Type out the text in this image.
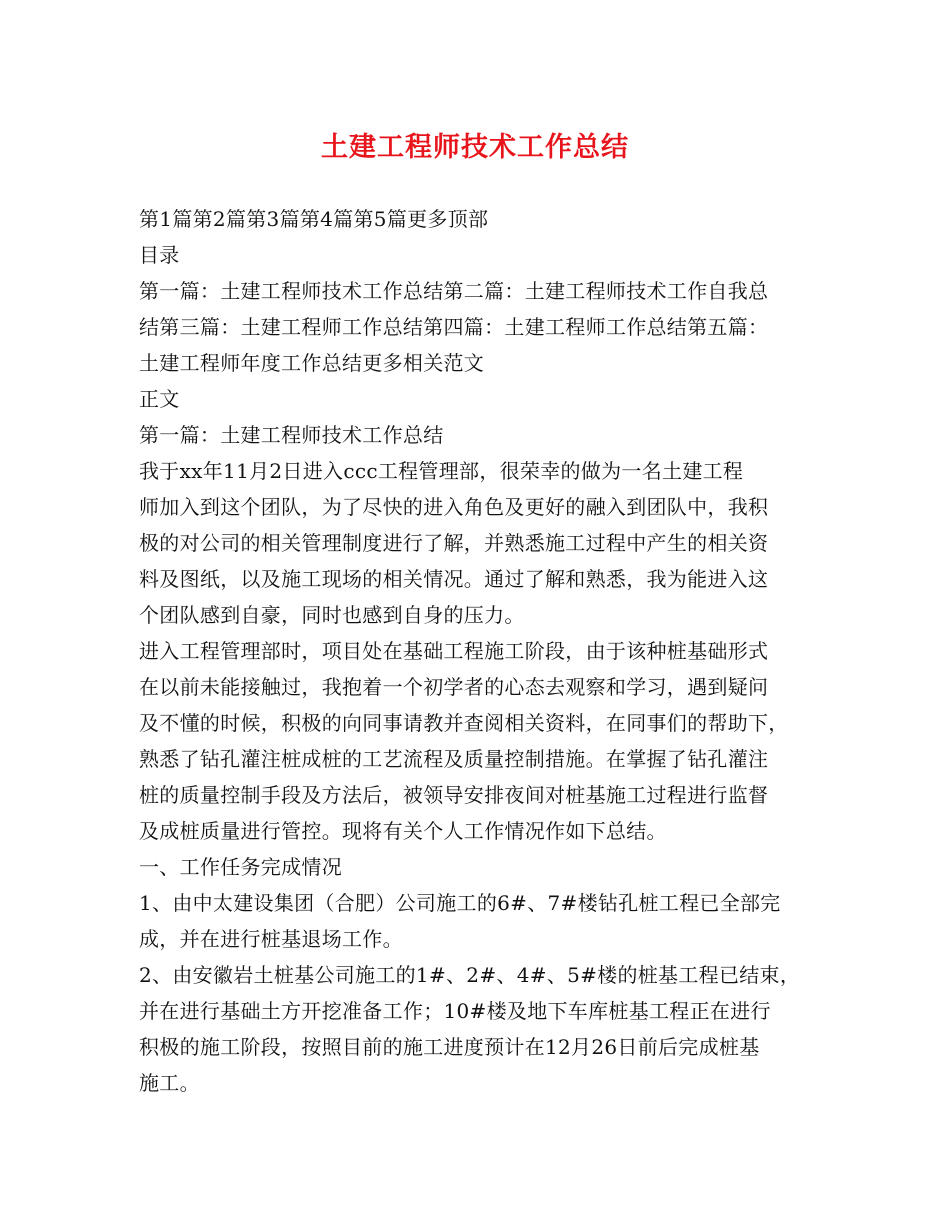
土建工程师技术工作总结
第1篇第2篇第3篇第4篇第5篇更多顶部
目录
第一篇：土建工程师技术工作总结第二篇：土建工程师技术工作自我总
结第三篇：土建工程师工作总结第四篇：土建工程师工作总结第五篇：
土建工程师年度工作总结更多相关范文
正文
第一篇：土建工程师技术工作总结
我于xx年11月2日进入ccc工程管理部，很荣幸的做为一名土建工程
师加入到这个团队，为了尽快的进入角色及更好的融入到团队中，我积
极的对公司的相关管理制度进行了解，并熟悉施工过程中产生的相关资
料及图纸，以及施工现场的相关情况。通过了解和熟悉，我为能进入这
个团队感到自豪，同时也感到自身的压力。
进入工程管理部时，项目处在基础工程施工阶段，由于该种桩基础形式
在以前未能接触过，我抱着一个初学者的心态去观察和学习，遇到疑问
及不懂的时候，积极的向同事请教并查阅相关资料，在同事们的帮助下，
熟悉了钻孔灌注桩成桩的工艺流程及质量控制措施。在掌握了钻孔灌注
桩的质量控制手段及方法后，被领导安排夜间对桩基施工过程进行监督
及成桩质量进行管控。现将有关个人工作情况作如下总结。
一、工作任务完成情况
1、由中太建设集团（合肥）公司施工的6#、7#楼钻孔桩工程已全部完
成，并在进行桩基退场工作。
2、由安徽岩土桩基公司施工的1#、2#、4#、5#楼的桩基工程已结束，
并在进行基础土方开挖准备工作；10#楼及地下车库桩基工程正在进行
积极的施工阶段，按照目前的施工进度预计在12月26日前后完成桩基
施工。
